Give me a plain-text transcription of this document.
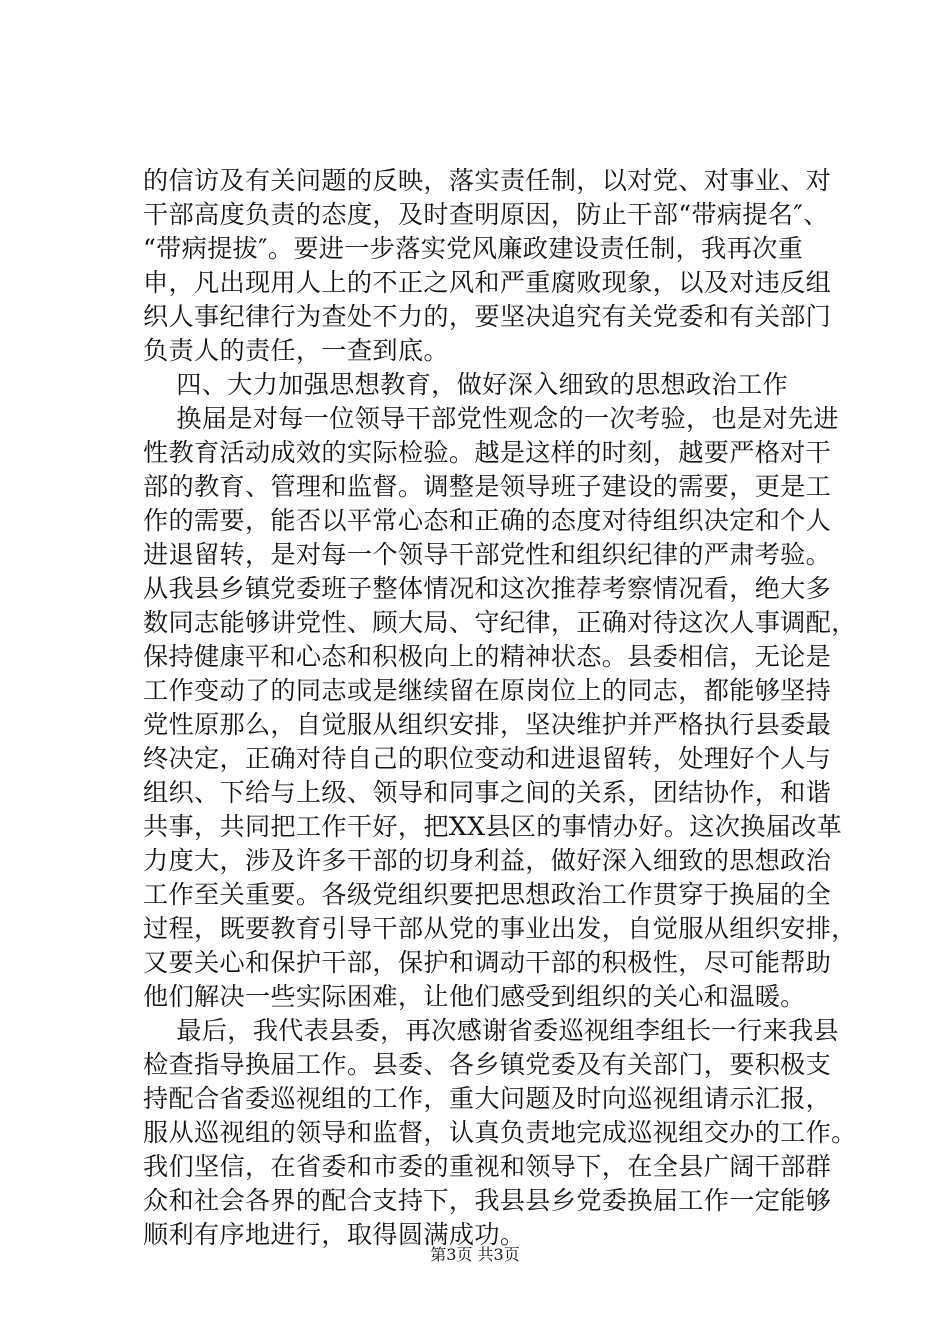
的信访及有关问题的反映，落实责任制，以对党、对事业、对
干部高度负责的态度，及时查明原因，防止干部“带病提名″、
“带病提拔″。要进一步落实党风廉政建设责任制，我再次重
申，凡出现用人上的不正之风和严重腐败现象，以及对违反组
织人事纪律行为查处不力的，要坚决追究有关党委和有关部门
负责人的责任，一查到底。
四、大力加强思想教育，做好深入细致的思想政治工作
换届是对每一位领导干部党性观念的一次考验，也是对先进
性教育活动成效的实际检验。越是这样的时刻，越要严格对干
部的教育、管理和监督。调整是领导班子建设的需要，更是工
作的需要，能否以平常心态和正确的态度对待组织决定和个人
进退留转，是对每一个领导干部党性和组织纪律的严肃考验。
从我县乡镇党委班子整体情况和这次推荐考察情况看，绝大多
数同志能够讲党性、顾大局、守纪律，正确对待这次人事调配，
保持健康平和心态和积极向上的精神状态。县委相信，无论是
工作变动了的同志或是继续留在原岗位上的同志，都能够坚持
党性原那么，自觉服从组织安排，坚决维护并严格执行县委最
终决定，正确对待自己的职位变动和进退留转，处理好个人与
组织、下给与上级、领导和同事之间的关系，团结协作，和谐
共事，共同把工作干好，把XX县区的事情办好。这次换届改革
力度大，涉及许多干部的切身利益，做好深入细致的思想政治
工作至关重要。各级党组织要把思想政治工作贯穿于换届的全
过程，既要教育引导干部从党的事业出发，自觉服从组织安排，
又要关心和保护干部，保护和调动干部的积极性，尽可能帮助
他们解决一些实际困难，让他们感受到组织的关心和温暖。
最后，我代表县委，再次感谢省委巡视组李组长一行来我县
检查指导换届工作。县委、各乡镇党委及有关部门，要积极支
持配合省委巡视组的工作，重大问题及时向巡视组请示汇报，
服从巡视组的领导和监督，认真负责地完成巡视组交办的工作。
我们坚信，在省委和市委的重视和领导下，在全县广阔干部群
众和社会各界的配合支持下，我县县乡党委换届工作一定能够
顺利有序地进行，取得圆满成功。
第3页 共3页
